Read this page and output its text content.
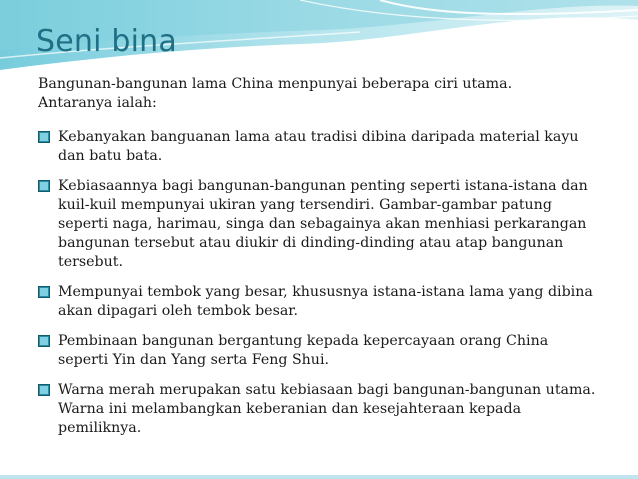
Seni bina

Bangunan-bangunan lama China menpunyai beberapa ciri utama. Antaranya ialah:

Kebanyakan banguanan lama atau tradisi dibina daripada material kayu dan batu bata.
Kebiasaannya bagi bangunan-bangunan penting seperti istana-istana dan kuil-kuil mempunyai ukiran yang tersendiri. Gambar-gambar patung seperti naga, harimau, singa dan sebagainya akan menhiasi perkarangan bangunan tersebut atau diukir di dinding-dinding atau atap bangunan tersebut.
Mempunyai tembok yang besar, khususnya istana-istana lama yang dibina akan dipagari oleh tembok besar.
Pembinaan bangunan bergantung kepada kepercayaan orang China seperti Yin dan Yang serta Feng Shui.
Warna merah merupakan satu kebiasaan bagi bangunan-bangunan utama. Warna ini melambangkan keberanian dan kesejahteraan kepada pemiliknya.
